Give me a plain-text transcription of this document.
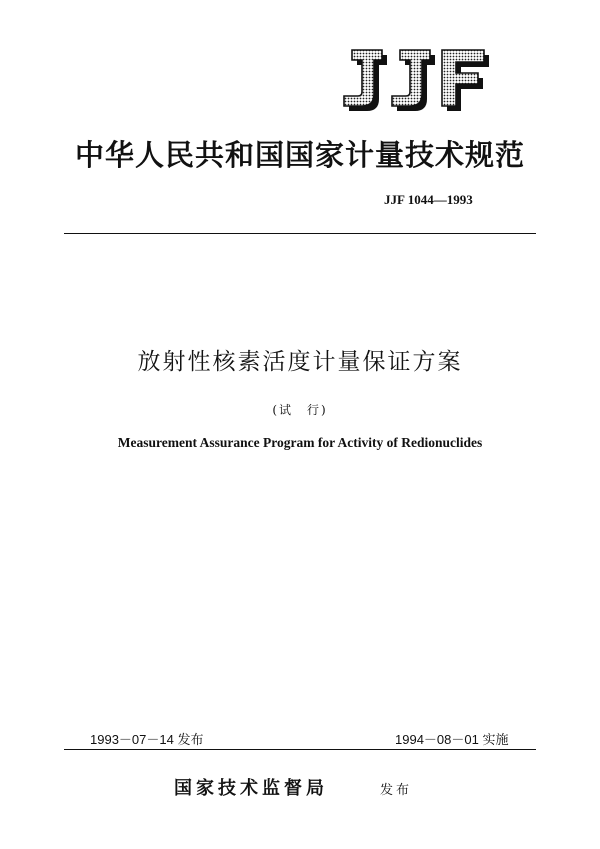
中华人民共和国国家计量技术规范
JJF 1044—1993
放射性核素活度计量保证方案
(试　行)
Measurement Assurance Program for Activity of Redionuclides
1993－07－14 发布	1994－08－01 实施
国家技术监督局	发布
